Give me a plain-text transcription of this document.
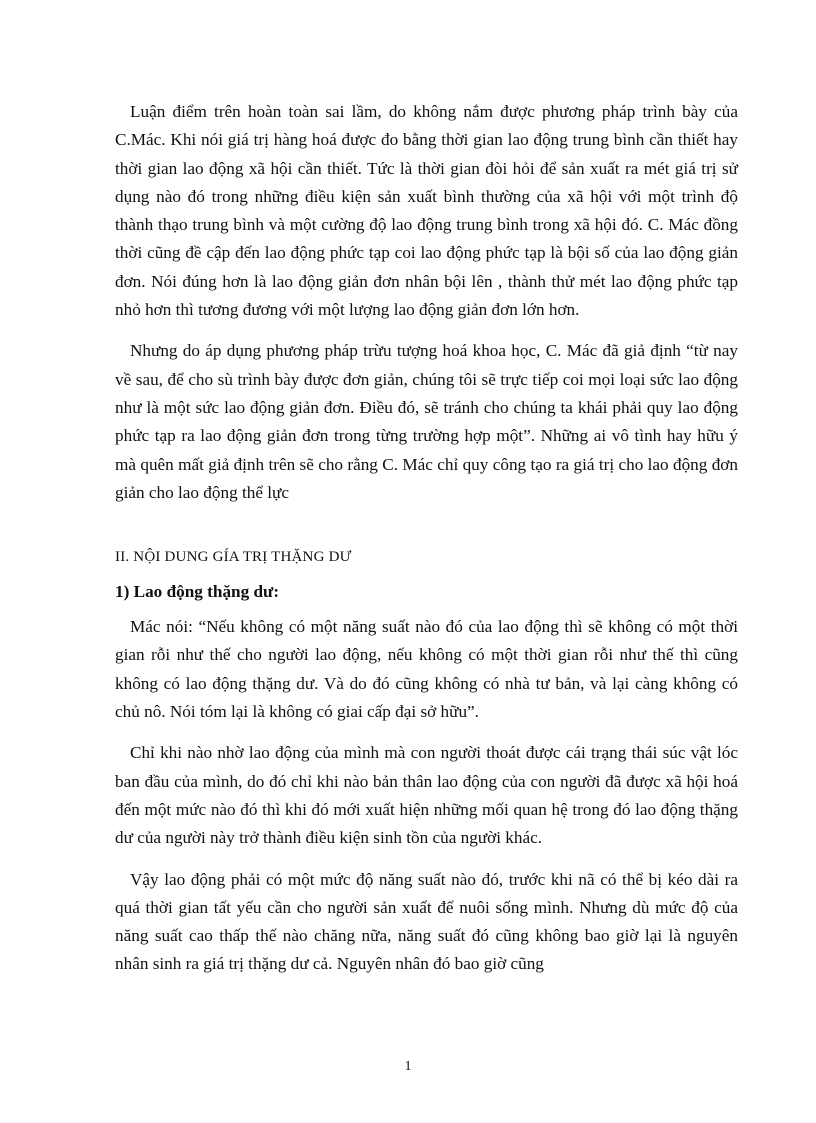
Luận điểm trên hoàn toàn sai lầm, do không nắm được phương pháp trình bày của C.Mác. Khi nói giá trị hàng hoá được đo bằng thời gian lao động trung bình cần thiết hay thời gian lao động xã hội cần thiết. Tức là thời gian đòi hỏi để sản xuất ra mét giá trị sử dụng nào đó trong những điều kiện sản xuất bình thường của xã hội với một trình độ thành thạo trung bình và một cường độ lao động trung bình trong xã hội đó. C. Mác đồng thời cũng đề cập đến lao động phức tạp coi lao động phức tạp là bội số của lao động giản đơn. Nói đúng hơn là lao động giản đơn nhân bội lên , thành thử mét lao động phức tạp nhỏ hơn thì tương đương với một lượng lao động giản đơn lớn hơn.

Nhưng do áp dụng phương pháp trừu tượng hoá khoa học, C. Mác đã giả định “từ nay về sau, để cho sù trình bày được đơn giản, chúng tôi sẽ trực tiếp coi mọi loại sức lao động như là một sức lao động giản đơn. Điều đó, sẽ tránh cho chúng ta khái phải quy lao động phức tạp ra lao động giản đơn trong từng trường hợp một”. Những ai vô tình hay hữu ý mà quên mất giả định trên sẽ cho rằng C. Mác chỉ quy công tạo ra giá trị cho lao động đơn giản cho lao động thể lực

II. NỘI DUNG GÍA TRỊ THẶNG DƯ
1) Lao động thặng dư:

Mác nói: “Nếu không có một năng suất nào đó của lao động thì sẽ không có một thời gian rỗi như thế cho người lao động, nếu không có một thời gian rỗi như thế thì cũng không có lao động thặng dư. Và do đó cũng không có nhà tư bản, và lại càng không có chủ nô. Nói tóm lại là không có giai cấp đại sở hữu”.

Chỉ khi nào nhờ lao động của mình mà con người thoát được cái trạng thái súc vật lóc ban đầu của mình, do đó chỉ khi nào bản thân lao động của con người đã được xã hội hoá đến một mức nào đó thì khi đó mới xuất hiện những mối quan hệ trong đó lao động thặng dư của người này trở thành điều kiện sinh tồn của người khác.

Vậy lao động phải có một mức độ năng suất nào đó, trước khi nã có thể bị kéo dài ra quá thời gian tất yếu cần cho người sản xuất để nuôi sống mình. Nhưng dù mức độ của năng suất cao thấp thế nào chăng nữa, năng suất đó cũng không bao giờ lại là nguyên nhân sinh ra giá trị thặng dư cả. Nguyên nhân đó bao giờ cũng

1
